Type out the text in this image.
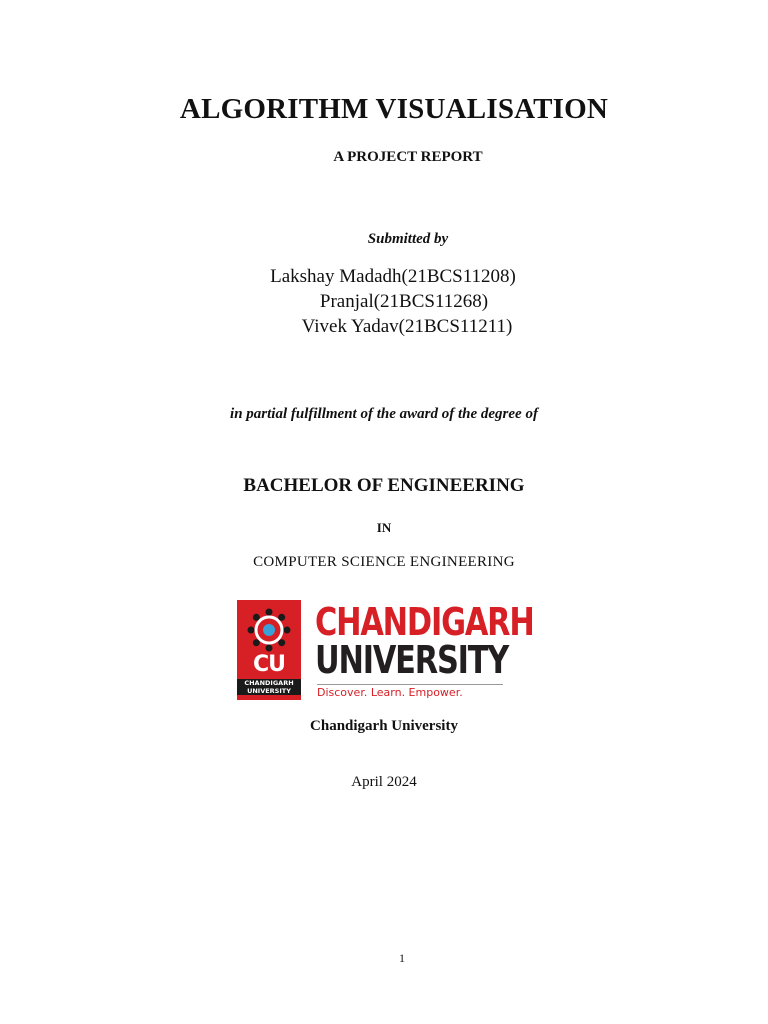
ALGORITHM VISUALISATION
A PROJECT REPORT
Submitted by
Lakshay Madadh(21BCS11208)
Pranjal(21BCS11268)
Vivek Yadav(21BCS11211)
in partial fulfillment of the award of the degree of
BACHELOR OF ENGINEERING
IN
COMPUTER SCIENCE ENGINEERING
CU
CHANDIGARH UNIVERSITY
CHANDIGARH
UNIVERSITY
Discover. Learn. Empower.
Chandigarh University
April 2024
1
